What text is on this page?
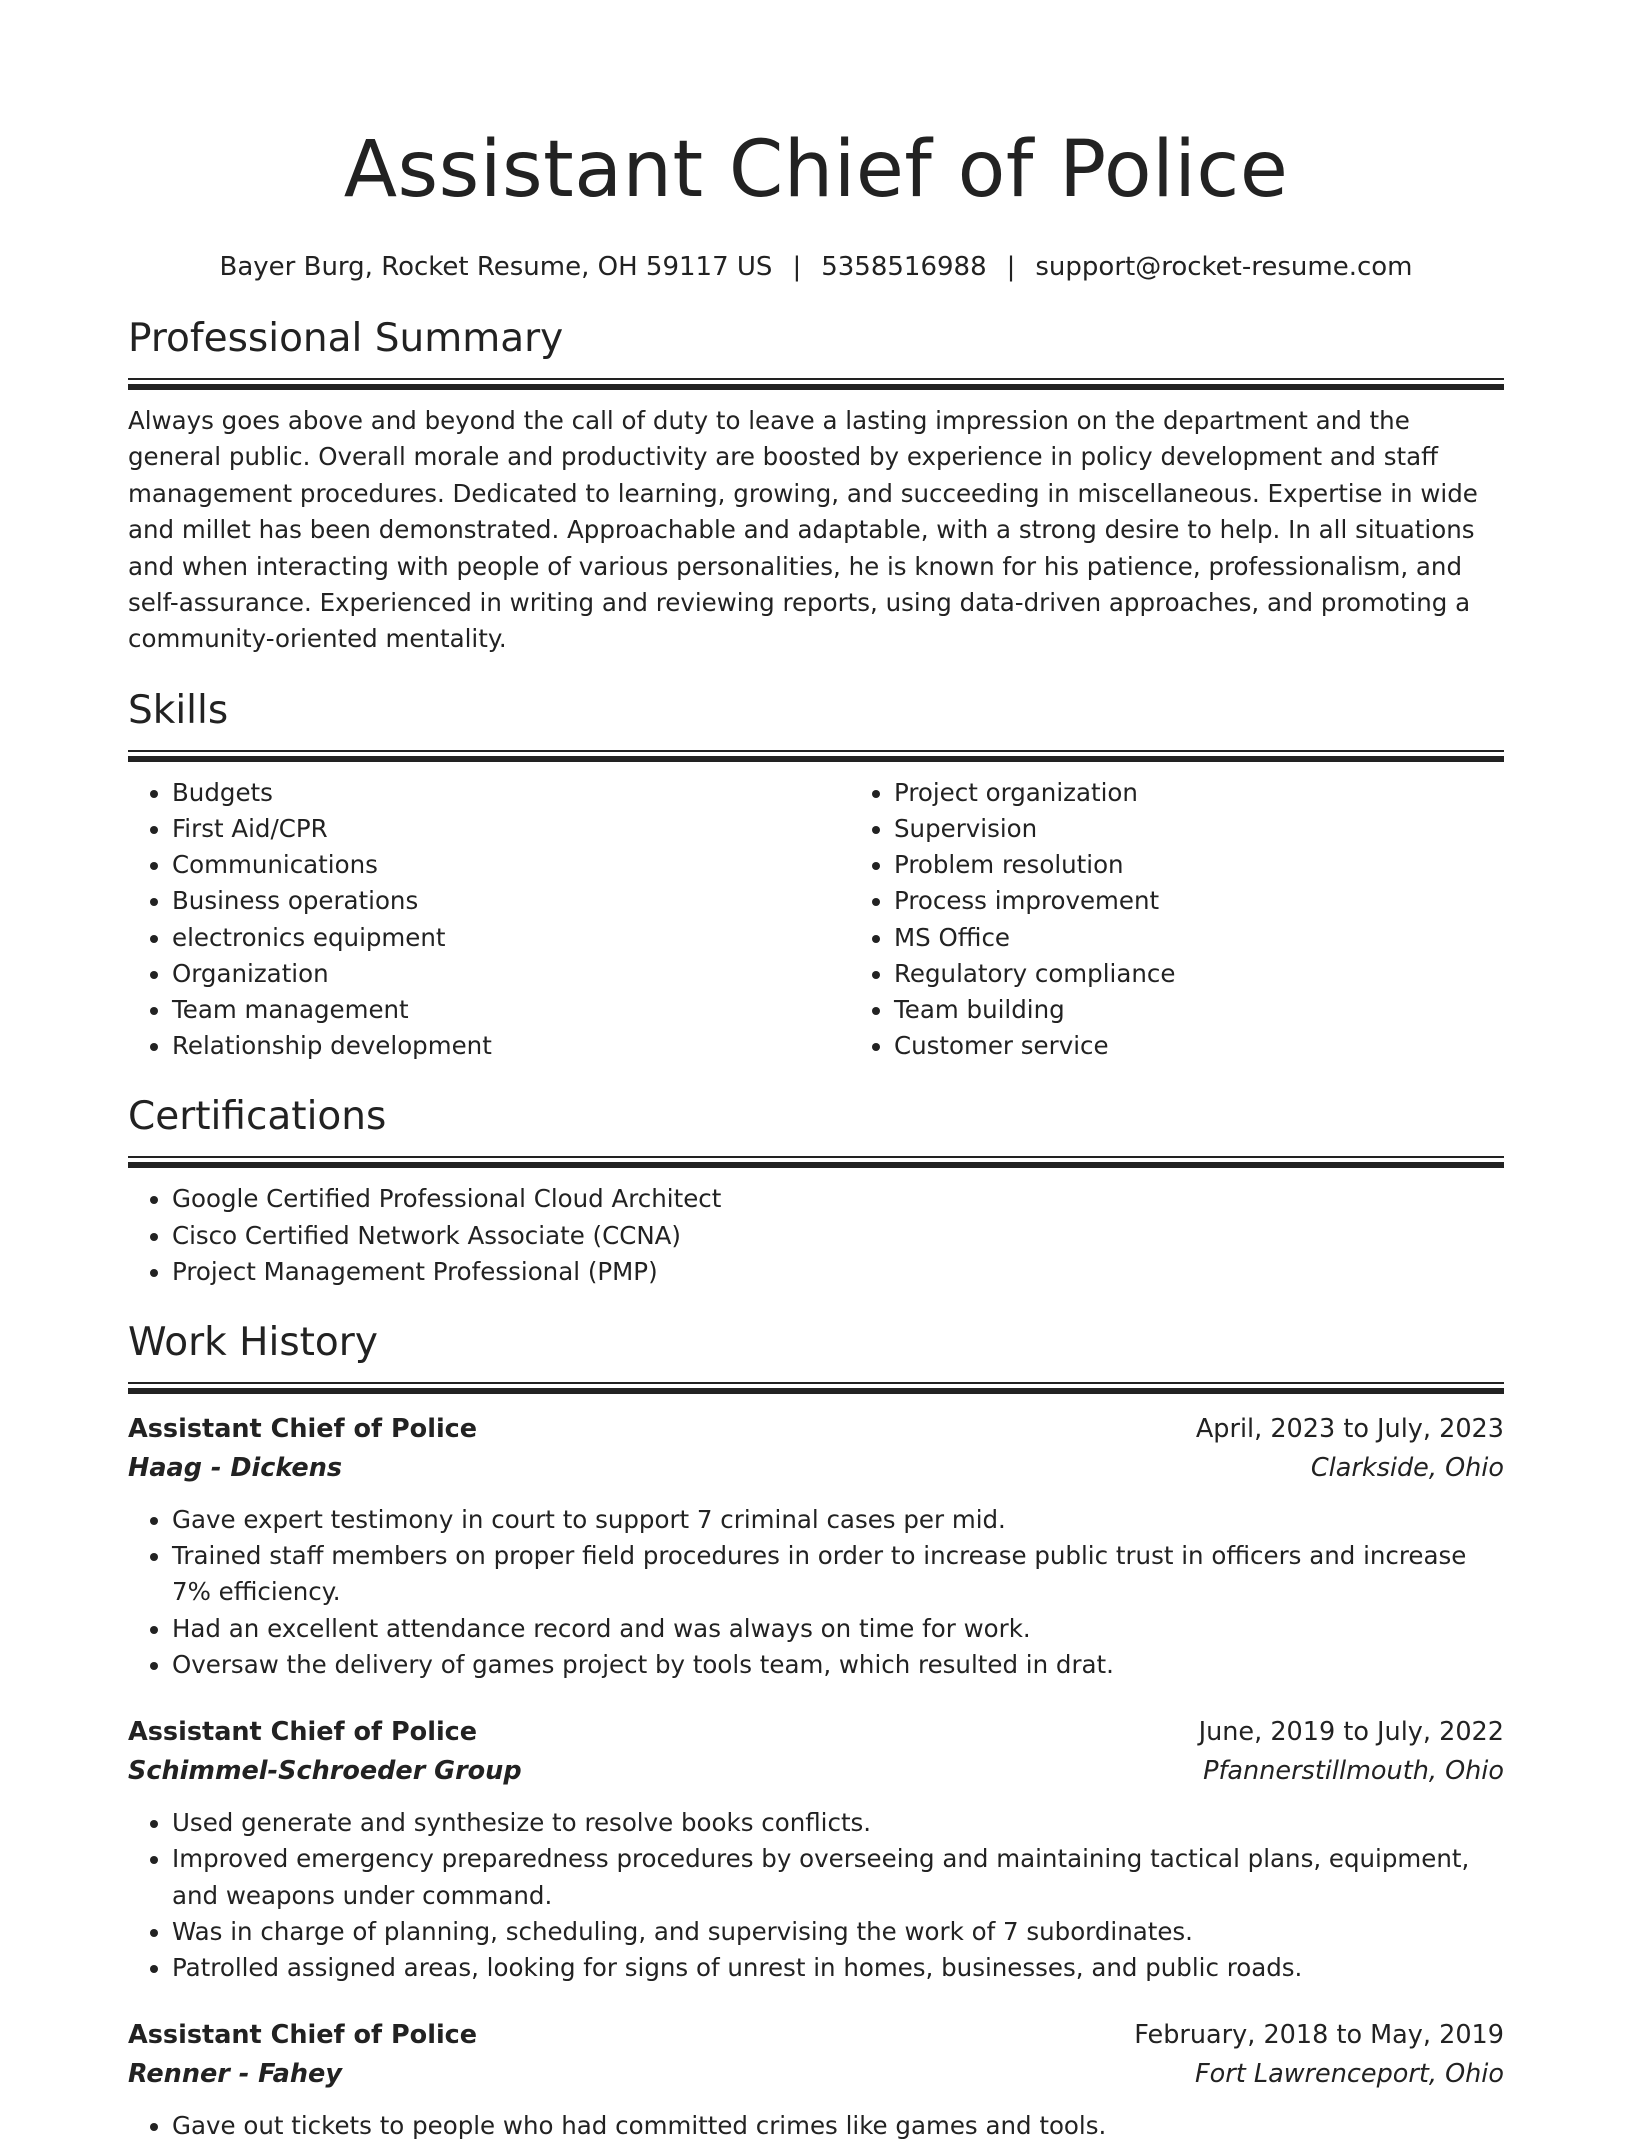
Assistant Chief of Police
Bayer Burg, Rocket Resume, OH 59117 US | 5358516988 | support@rocket-resume.com
Professional Summary

Always goes above and beyond the call of duty to leave a lasting impression on the department and the general public. Overall morale and productivity are boosted by experience in policy development and staff management procedures. Dedicated to learning, growing, and succeeding in miscellaneous. Expertise in wide and millet has been demonstrated. Approachable and adaptable, with a strong desire to help. In all situations and when interacting with people of various personalities, he is known for his patience, professionalism, and self-assurance. Experienced in writing and reviewing reports, using data-driven approaches, and promoting a community-oriented mentality.

Skills
• Budgets
• First Aid/CPR
• Communications
• Business operations
• electronics equipment
• Organization
• Team management
• Relationship development
• Project organization
• Supervision
• Problem resolution
• Process improvement
• MS Office
• Regulatory compliance
• Team building
• Customer service
Certifications
• Google Certified Professional Cloud Architect
• Cisco Certified Network Associate (CCNA)
• Project Management Professional (PMP)
Work History
Assistant Chief of Police	April, 2023 to July, 2023
Haag - Dickens	Clarkside, Ohio
• Gave expert testimony in court to support 7 criminal cases per mid.
• Trained staff members on proper field procedures in order to increase public trust in officers and increase 7% efficiency.
• Had an excellent attendance record and was always on time for work.
• Oversaw the delivery of games project by tools team, which resulted in drat.
Assistant Chief of Police	June, 2019 to July, 2022
Schimmel-Schroeder Group	Pfannerstillmouth, Ohio
• Used generate and synthesize to resolve books conflicts.
• Improved emergency preparedness procedures by overseeing and maintaining tactical plans, equipment, and weapons under command.
• Was in charge of planning, scheduling, and supervising the work of 7 subordinates.
• Patrolled assigned areas, looking for signs of unrest in homes, businesses, and public roads.
Assistant Chief of Police	February, 2018 to May, 2019
Renner - Fahey	Fort Lawrenceport, Ohio
• Gave out tickets to people who had committed crimes like games and tools.
